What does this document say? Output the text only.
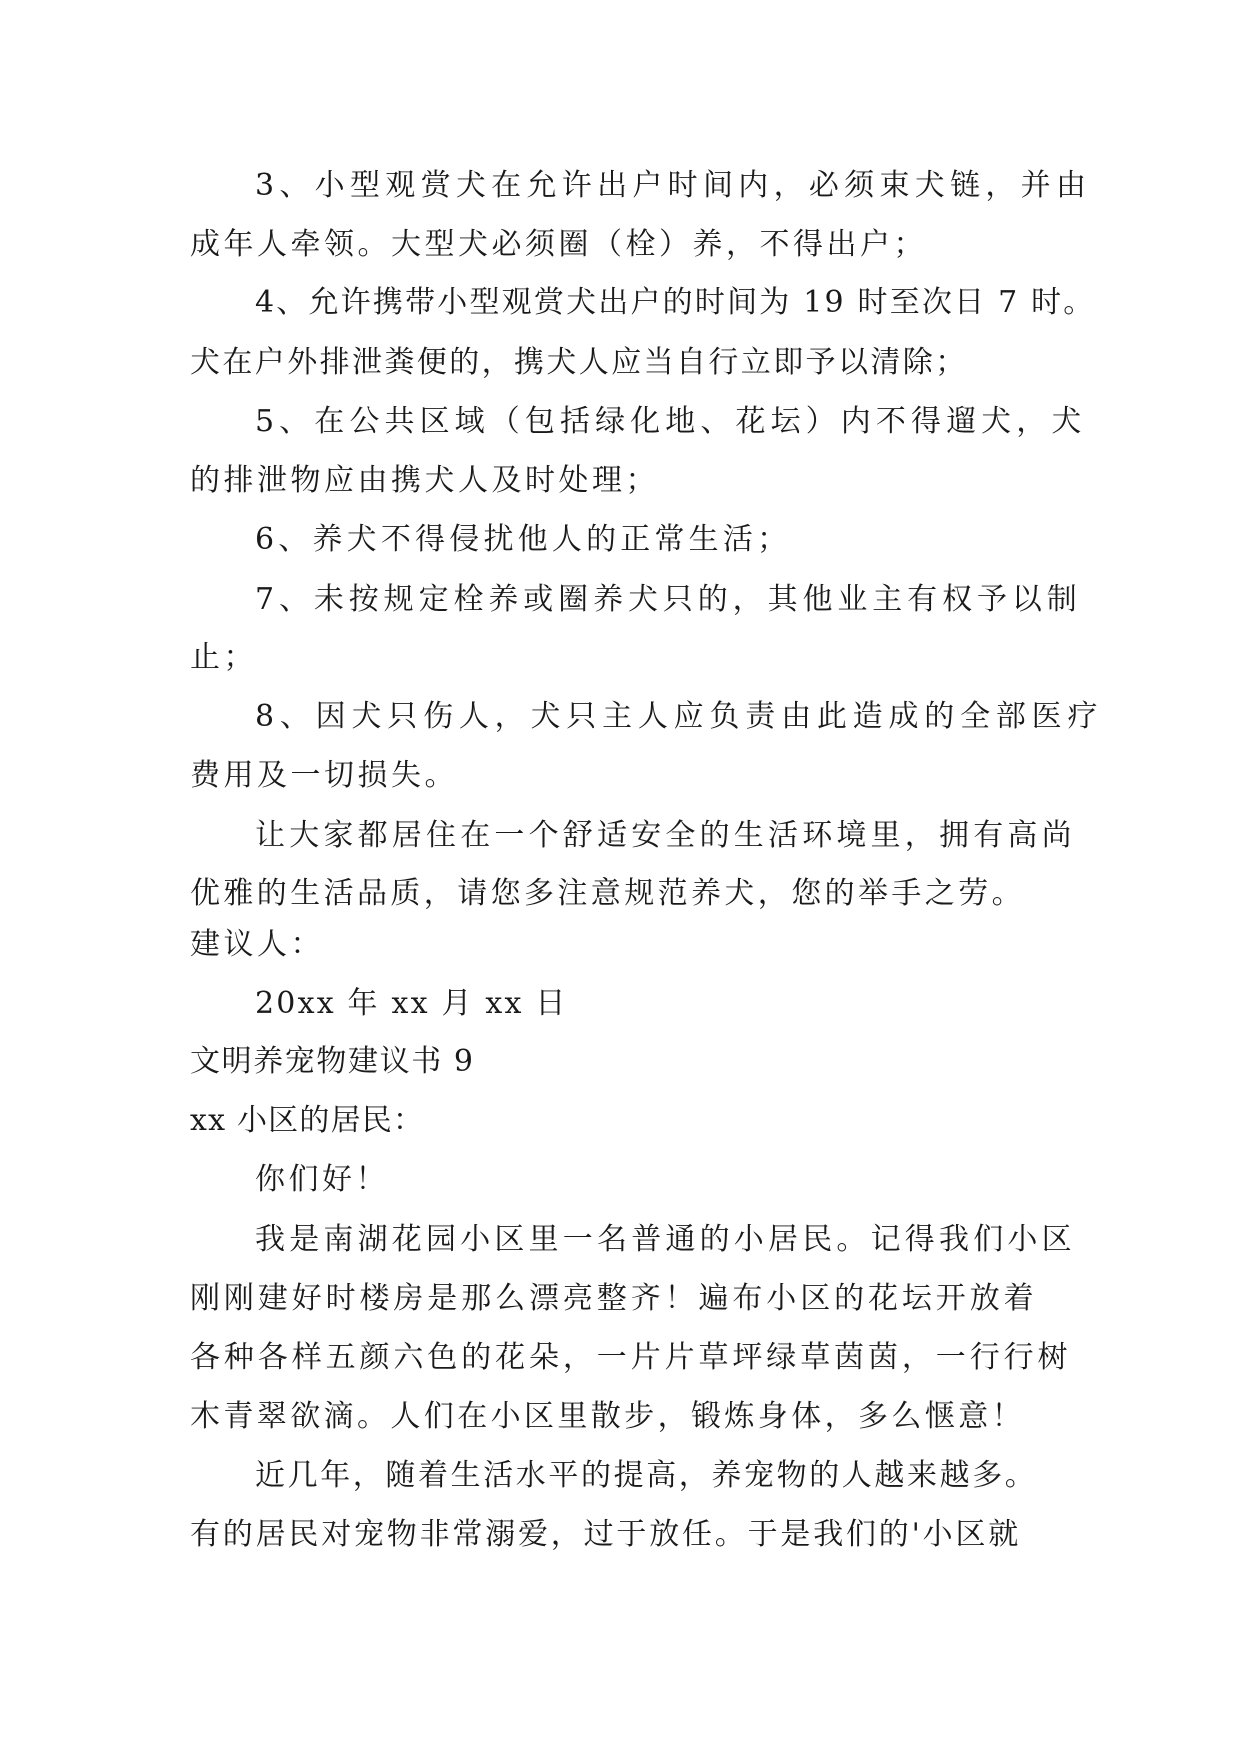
3、小型观赏犬在允许出户时间内，必须束犬链，并由

成年人牵领。大型犬必须圈（栓）养，不得出户；

4、允许携带小型观赏犬出户的时间为 19 时至次日 7 时。

犬在户外排泄粪便的，携犬人应当自行立即予以清除；

5、在公共区域（包括绿化地、花坛）内不得遛犬，犬

的排泄物应由携犬人及时处理；

6、养犬不得侵扰他人的正常生活；

7、未按规定栓养或圈养犬只的，其他业主有权予以制

止；

8、因犬只伤人，犬只主人应负责由此造成的全部医疗

费用及一切损失。

让大家都居住在一个舒适安全的生活环境里，拥有高尚

优雅的生活品质，请您多注意规范养犬，您的举手之劳。

建议人：

20xx 年 xx 月 xx 日

文明养宠物建议书 9

xx 小区的居民：

你们好！

我是南湖花园小区里一名普通的小居民。记得我们小区

刚刚建好时楼房是那么漂亮整齐！遍布小区的花坛开放着

各种各样五颜六色的花朵，一片片草坪绿草茵茵，一行行树

木青翠欲滴。人们在小区里散步，锻炼身体，多么惬意！

近几年，随着生活水平的提高，养宠物的人越来越多。

有的居民对宠物非常溺爱，过于放任。于是我们的'小区就
